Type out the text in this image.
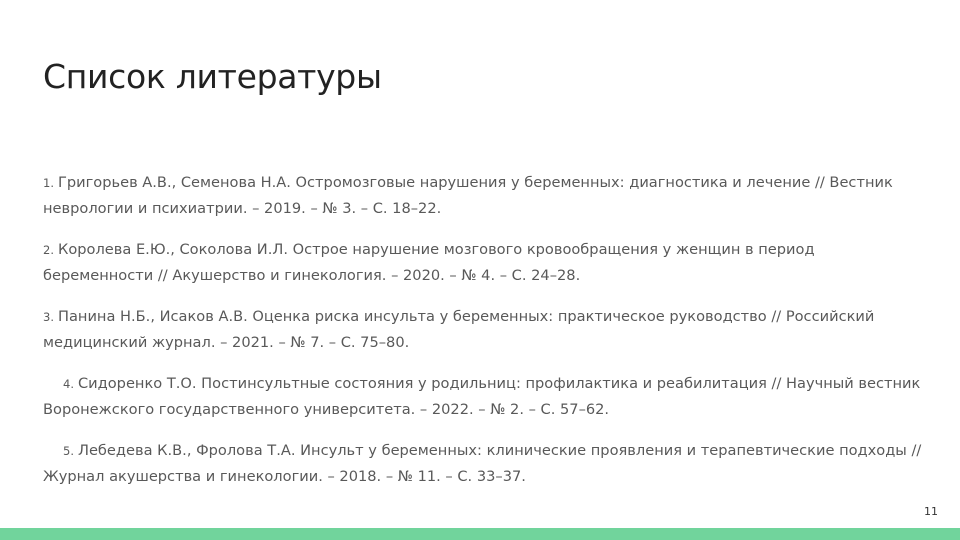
Список литературы
1. Григорьев А.В., Семенова Н.А. Остромозговые нарушения у беременных: диагностика и лечение // Вестник неврологии и психиатрии. – 2019. – № 3. – С. 18–22.
2. Королева Е.Ю., Соколова И.Л. Острое нарушение мозгового кровообращения у женщин в период беременности // Акушерство и гинекология. – 2020. – № 4. – С. 24–28.
3. Панина Н.Б., Исаков А.В. Оценка риска инсульта у беременных: практическое руководство // Российский медицинский журнал. – 2021. – № 7. – С. 75–80.
4. Сидоренко Т.О. Постинсультные состояния у родильниц: профилактика и реабилитация // Научный вестник Воронежского государственного университета. – 2022. – № 2. – С. 57–62.
5. Лебедева К.В., Фролова Т.А. Инсульт у беременных: клинические проявления и терапевтические подходы // Журнал акушерства и гинекологии. – 2018. – № 11. – С. 33–37.
11
